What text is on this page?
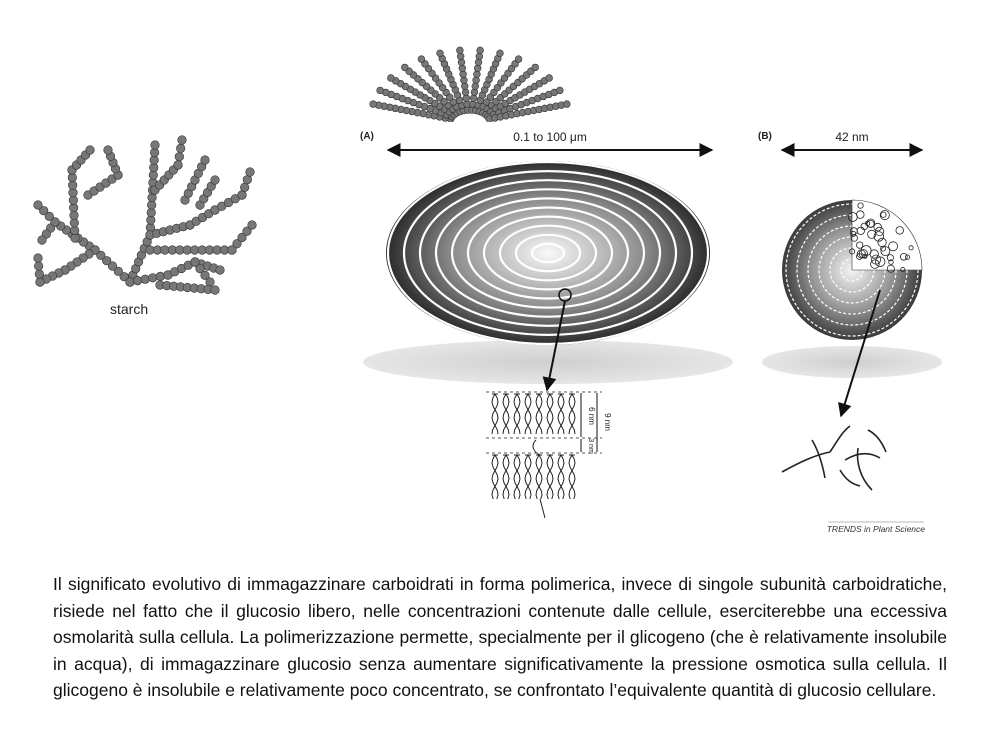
starch
(A)	0.1 to 100 μm
6 nm
3 nm
9 nm
(B)	42 nm
TRENDS in Plant Science
Il significato evolutivo di immagazzinare carboidrati in forma polimerica, invece di singole subunità carboidratiche, risiede nel fatto che il glucosio libero, nelle concentrazioni contenute dalle cellule, eserciterebbe una eccessiva osmolarità sulla cellula. La polimerizzazione permette, specialmente per il glicogeno (che è relativamente insolubile in acqua), di immagazzinare glucosio senza aumentare significativamente la pressione osmotica sulla cellula. Il glicogeno è insolubile e relativamente poco concentrato, se confrontato l’equivalente quantità di glucosio cellulare.
